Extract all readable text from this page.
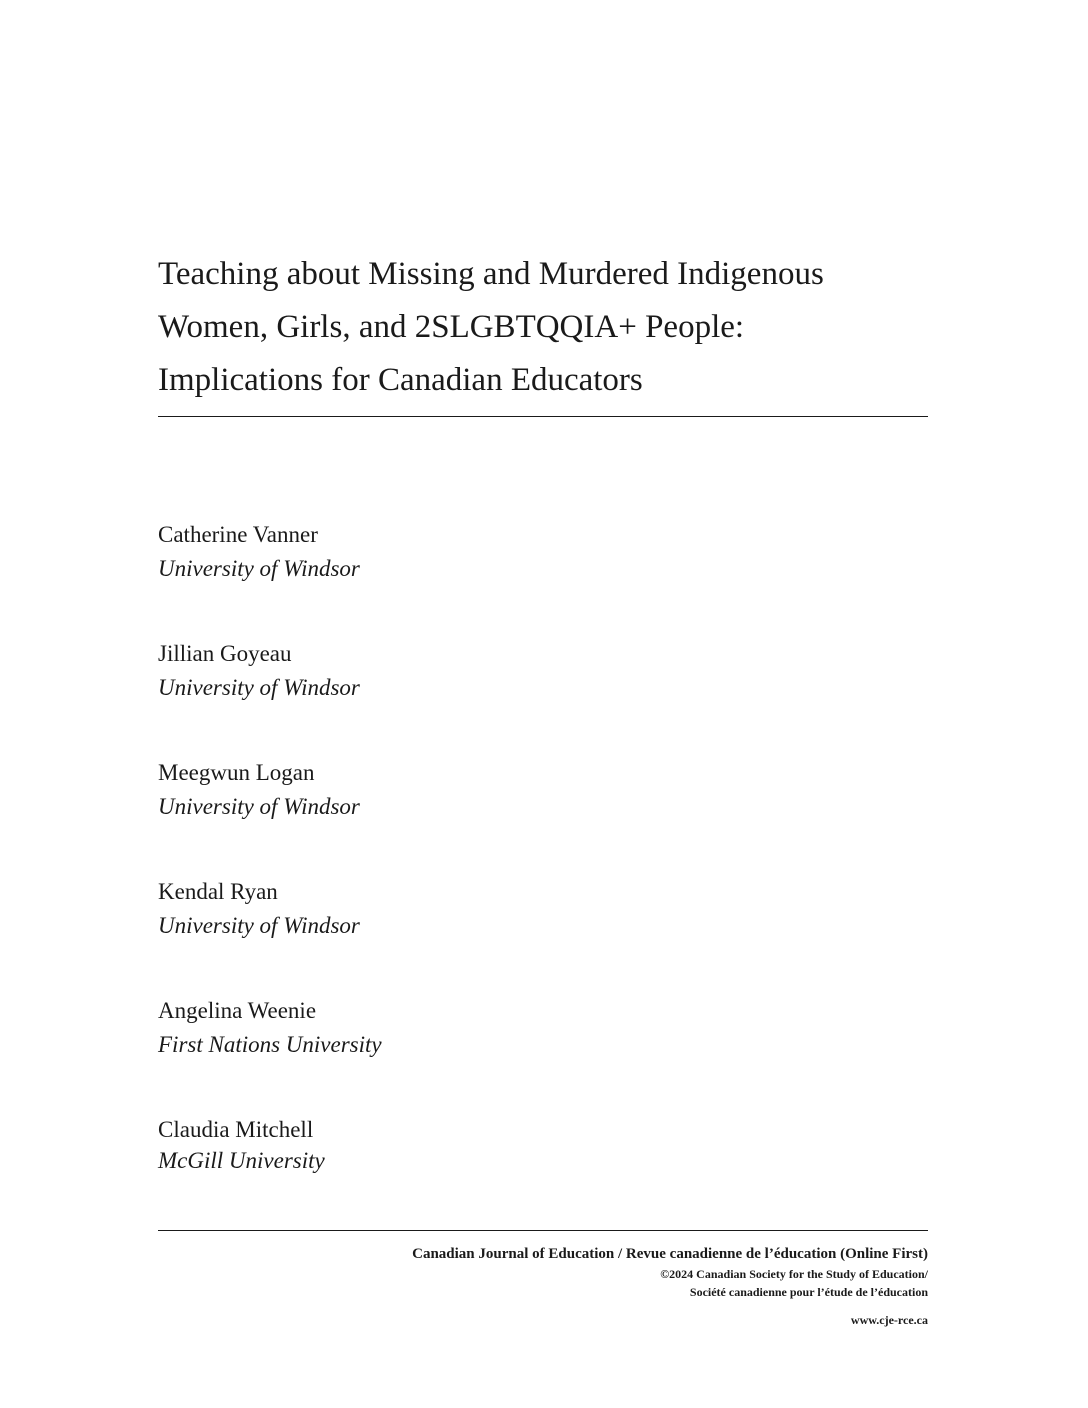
Teaching about Missing and Murdered Indigenous

Women, Girls, and 2SLGBTQQIA+ People:

Implications for Canadian Educators

Catherine Vanner

University of Windsor

Jillian Goyeau

University of Windsor

Meegwun Logan

University of Windsor

Kendal Ryan

University of Windsor

Angelina Weenie

First Nations University

Claudia Mitchell

McGill University

Canadian Journal of Education / Revue canadienne de l’éducation (Online First)

©2024 Canadian Society for the Study of Education/

Société canadienne pour l’étude de l’éducation

www.cje-rce.ca
